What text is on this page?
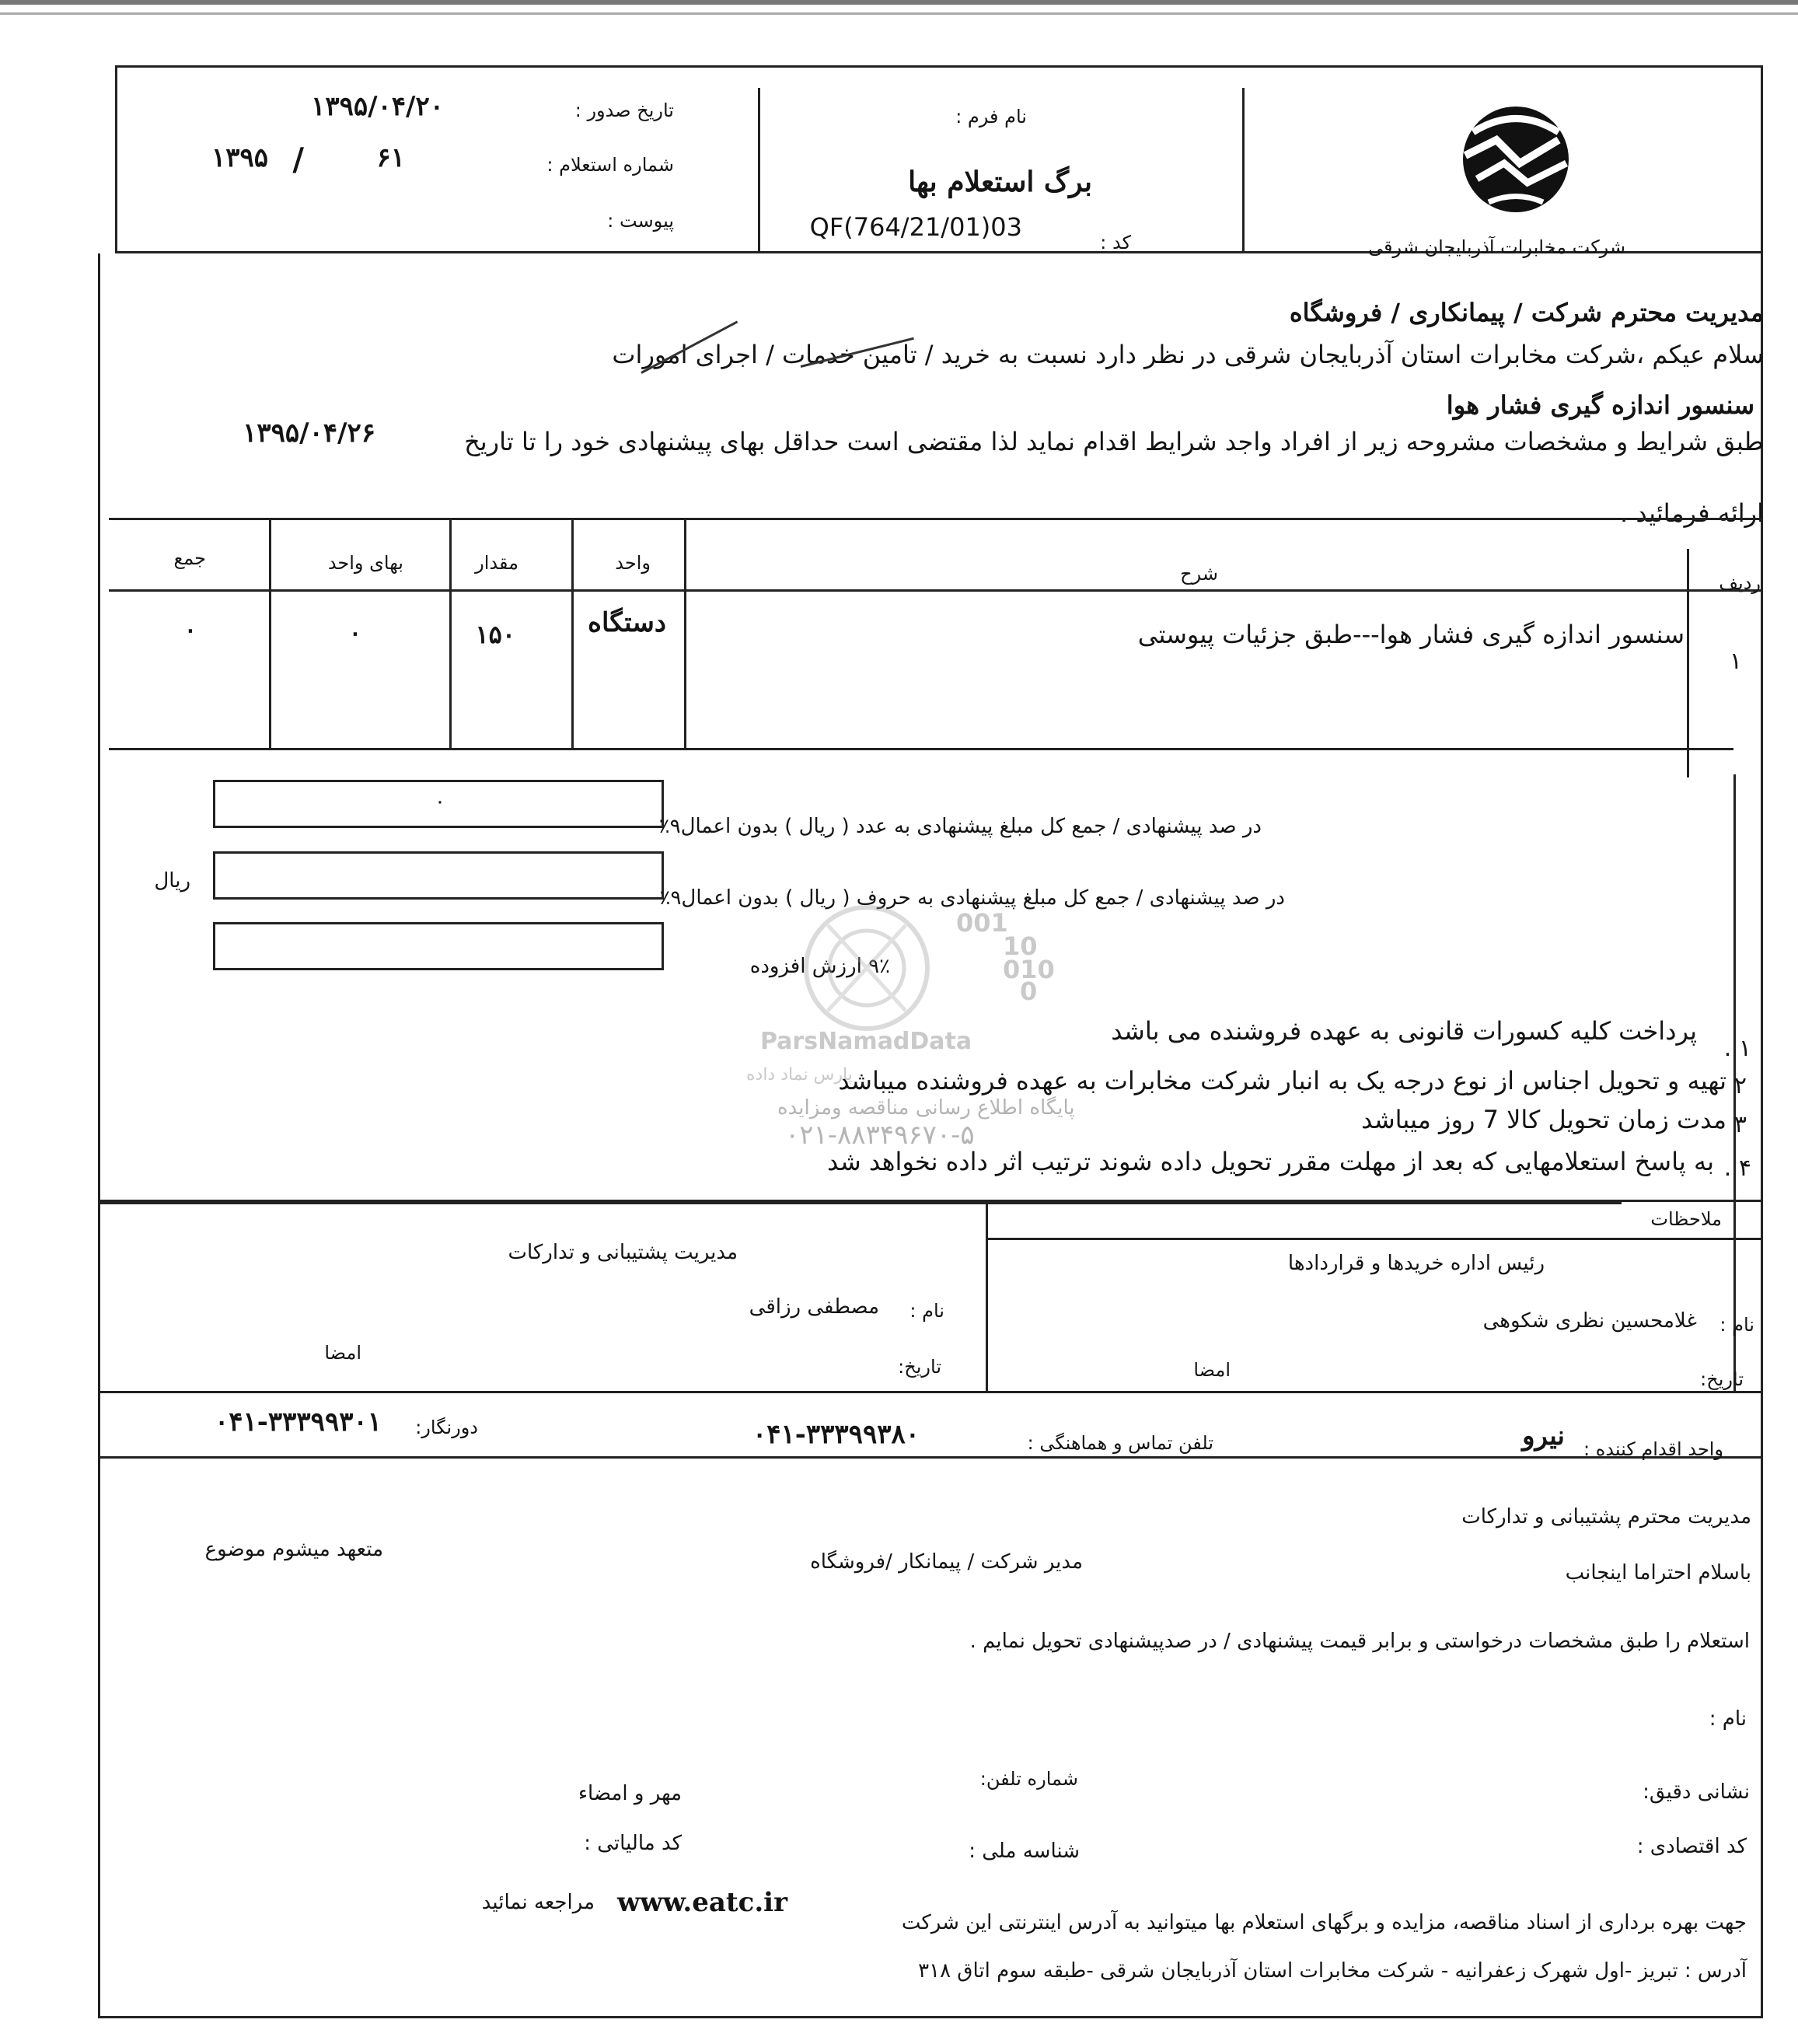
شرکت مخابرات آذربایجان شرقی
نام فرم :
برگ استعلام بها
کد :
QF(764/21/01)03
تاریخ صدور :
۱۳۹۵/۰۴/۲۰
شماره استعلام :
۶۱
/
۱۳۹۵
پیوست :
مدیریت محترم شرکت / پیمانکاری / فروشگاه
سلام عیکم ،شرکت مخابرات استان آذربایجان شرقی در نظر دارد نسبت به خرید / تامین خدمات / اجرای امورات
سنسور اندازه گیری فشار هوا
طبق شرایط و مشخصات مشروحه زیر از افراد واجد شرایط اقدام نماید لذا مقتضی است حداقل بهای پیشنهادی خود را تا تاریخ
۱۳۹۵/۰۴/۲۶
ارائه فرمائید .
ردیف
شرح
واحد
مقدار
بهای واحد
جمع
۱
سنسور اندازه گیری فشار هوا---طبق جزئیات پیوستی
دستگاه
۱۵۰
۰
۰
۰
در صد پیشنهادی / جمع کل مبلغ پیشنهادی به عدد ( ریال ) بدون اعمال۹٪
در صد پیشنهادی / جمع کل مبلغ پیشنهادی به حروف ( ریال ) بدون اعمال۹٪
ریال
۹٪ ارزش افزوده
001
10
010
0
ParsNamadData
پارس نماد داده
پایگاه اطلاع رسانی مناقصه ومزایده
۰۲۱-۸۸۳۴۹۶۷۰-۵
۱ .
پرداخت کلیه کسورات قانونی به عهده فروشنده می باشد
۲
تهیه و تحویل اجناس از نوع درجه یک به انبار شرکت مخابرات به عهده فروشنده میباشد
۳
مدت زمان تحویل کالا 7 روز میباشد
۴ .
به پاسخ استعلامهایی که بعد از مهلت مقرر تحویل داده شوند ترتیب اثر داده نخواهد شد
ملاحظات
رئیس اداره خریدها و قراردادها
نام :
غلامحسین نظری شکوهی
تاریخ:
امضا
مدیریت پشتیبانی و تدارکات
نام :
مصطفی رزاقی
تاریخ:
امضا
واحد اقدام کننده :
نیرو
تلفن تماس و هماهنگی :
۰۴۱-۳۳۳۹۹۳۸۰
دورنگار:
۰۴۱-۳۳۳۹۹۳۰۱
مدیریت محترم پشتیبانی و تدارکات
باسلام احتراما اینجانب
مدیر شرکت / پیمانکار /فروشگاه
متعهد میشوم موضوع
استعلام را طبق مشخصات درخواستی و برابر قیمت پیشنهادی / در صدپیشنهادی تحویل نمایم .
نام :
نشانی دقیق:
شماره تلفن:
مهر و امضاء
کد اقتصادی :
شناسه ملی :
کد مالیاتی :
جهت بهره برداری از اسناد مناقصه، مزایده و برگهای استعلام بها میتوانید به آدرس اینترنتی این شرکت
www.eatc.ir
مراجعه نمائید
آدرس : تبریز -اول شهرک زعفرانیه - شرکت مخابرات استان آذربایجان شرقی -طبقه سوم اتاق ۳۱۸
